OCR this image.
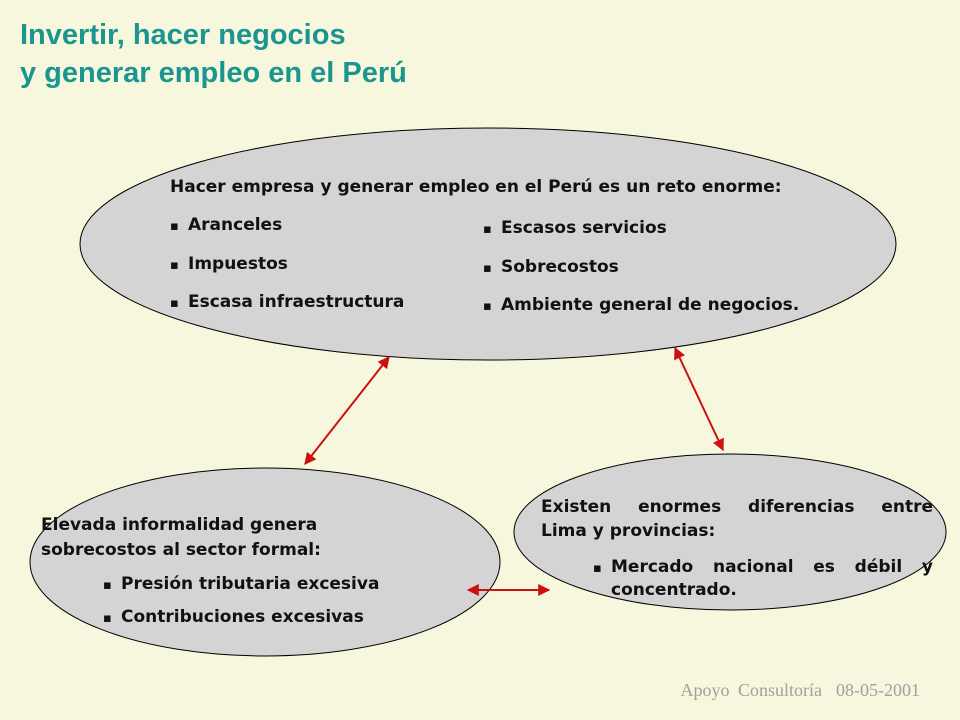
Invertir, hacer negocios
y generar empleo en el Perú
Hacer empresa y generar empleo en el Perú es un reto enorme:
▪ Aranceles
▪ Impuestos
▪ Escasa infraestructura
▪ Escasos servicios
▪ Sobrecostos
▪ Ambiente general de negocios.
Elevada informalidad genera
sobrecostos al sector formal:
▪ Presión tributaria excesiva
▪ Contribuciones excesivas
Existen enormes diferencias entre
Lima y provincias:
▪ Mercado nacional es débil y
concentrado.
Apoyo Consultoría 08-05-2001
